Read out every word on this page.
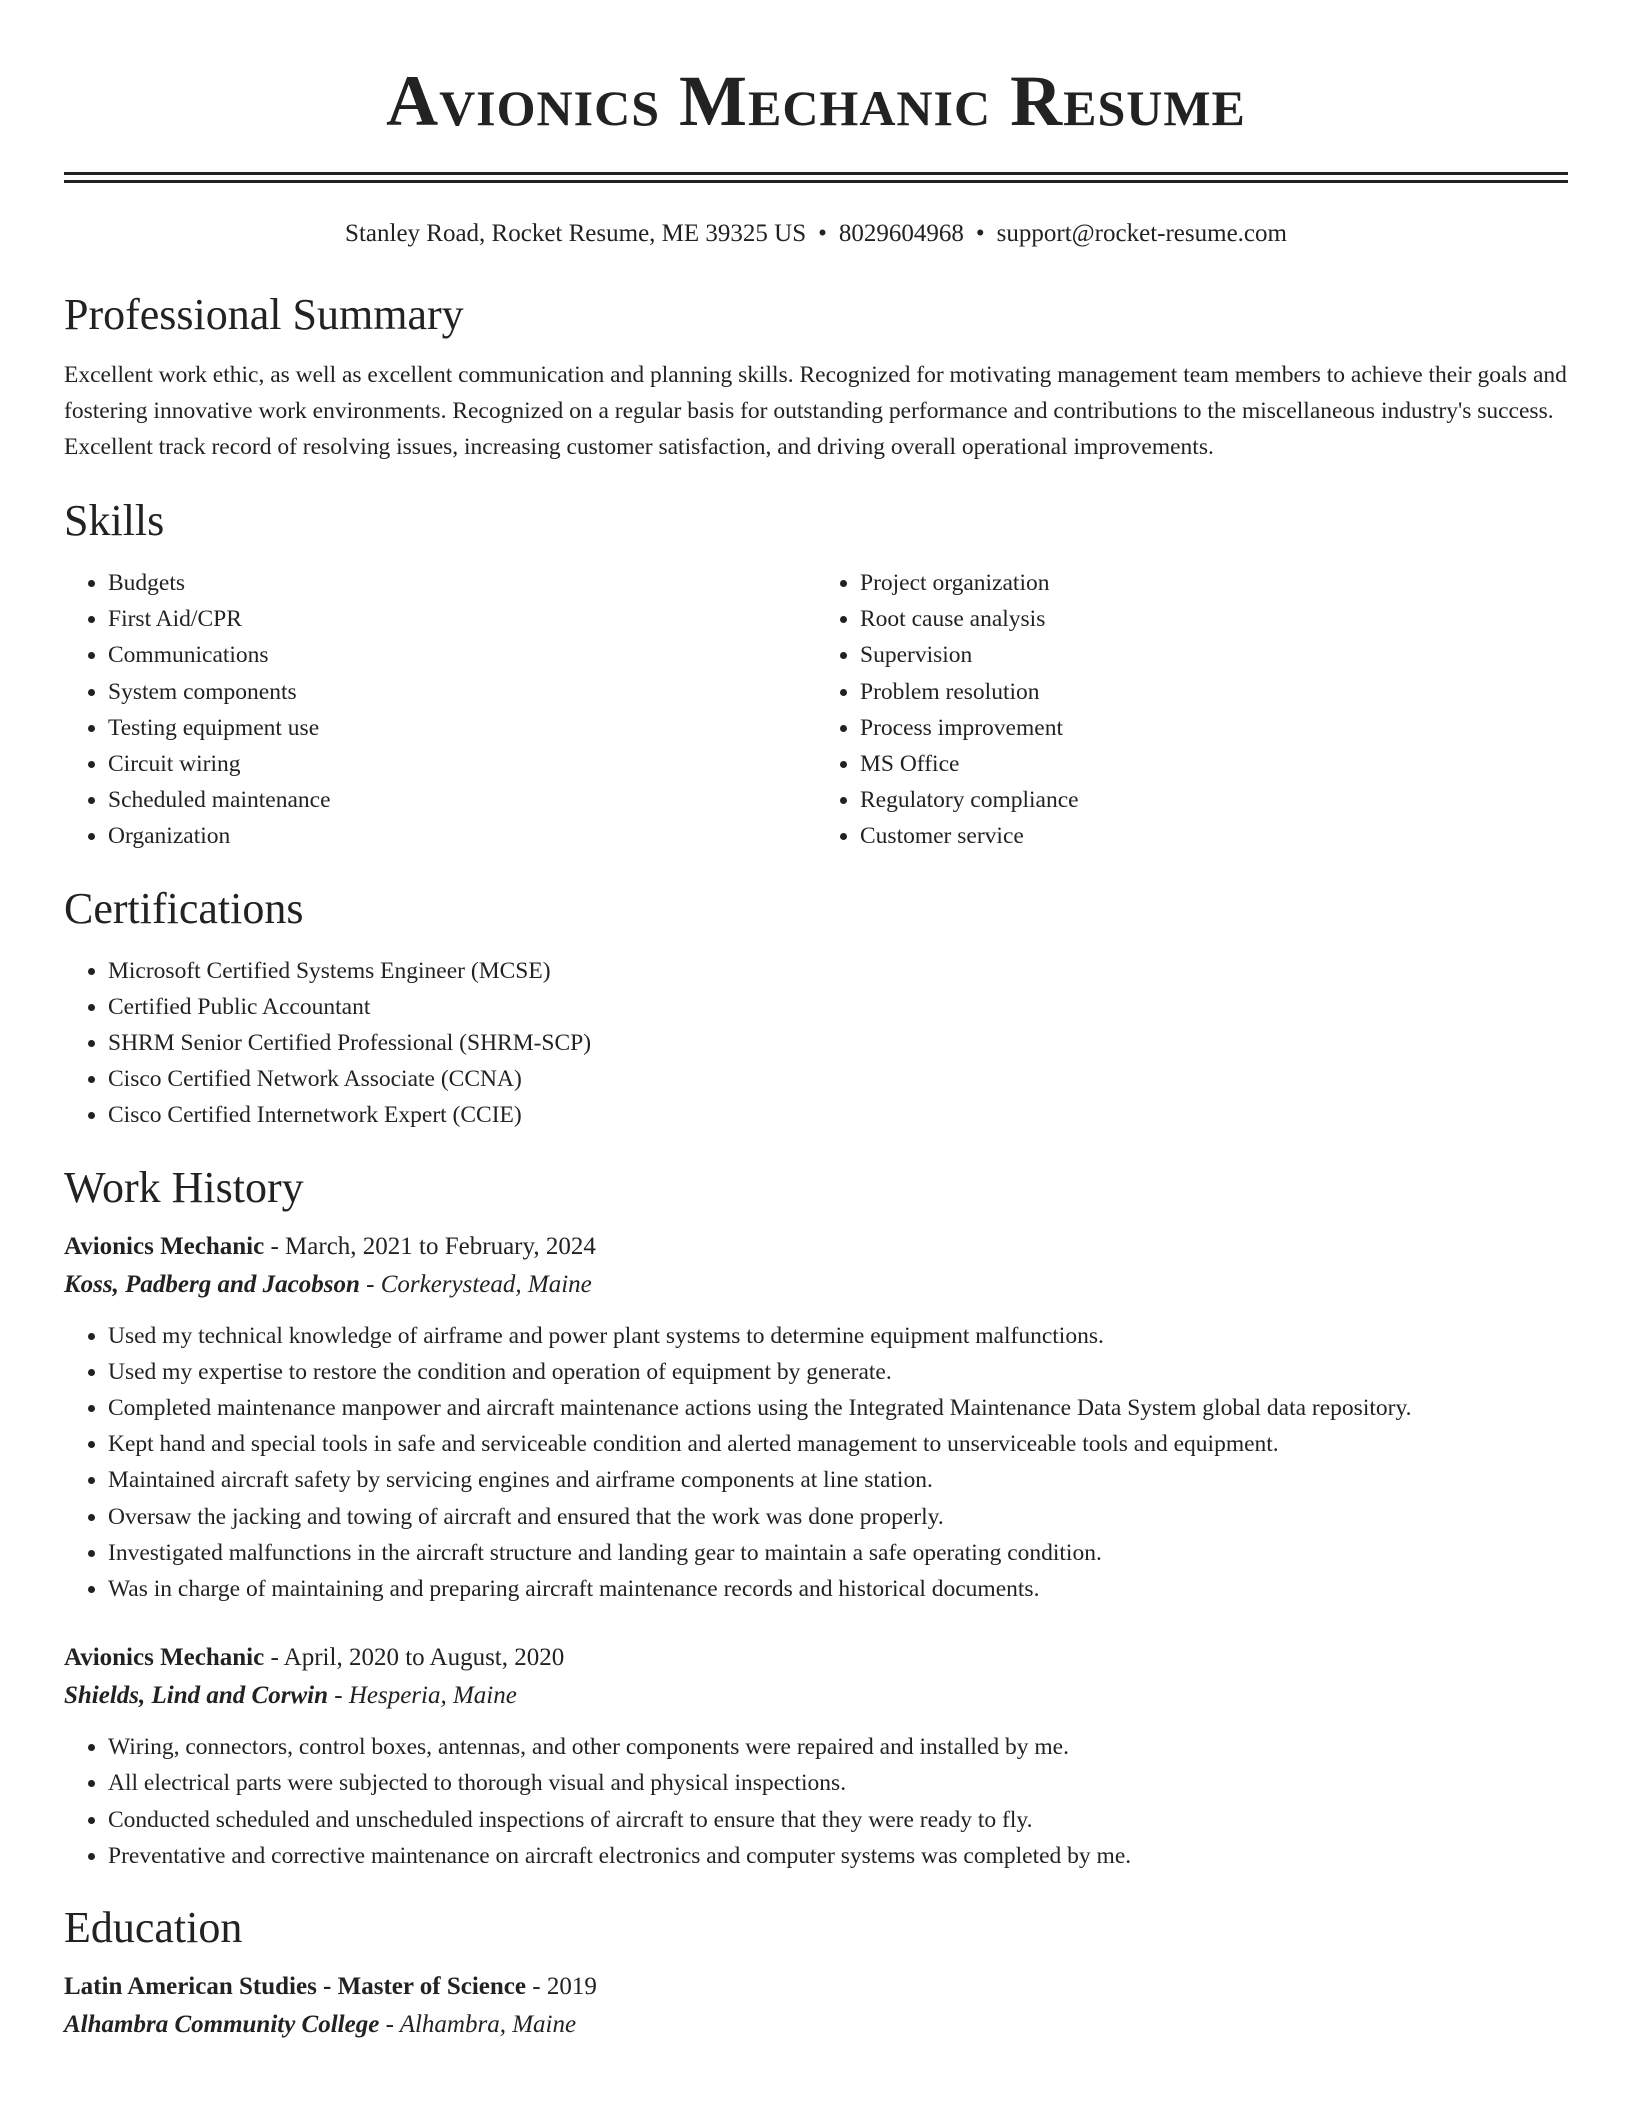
Avionics Mechanic Resume
Stanley Road, Rocket Resume, ME 39325 US • 8029604968 • support@rocket-resume.com
Professional Summary

Excellent work ethic, as well as excellent communication and planning skills. Recognized for motivating management team members to achieve their goals and fostering innovative work environments. Recognized on a regular basis for outstanding performance and contributions to the miscellaneous industry's success. Excellent track record of resolving issues, increasing customer satisfaction, and driving overall operational improvements.

Skills
• Budgets
• First Aid/CPR
• Communications
• System components
• Testing equipment use
• Circuit wiring
• Scheduled maintenance
• Organization
• Project organization
• Root cause analysis
• Supervision
• Problem resolution
• Process improvement
• MS Office
• Regulatory compliance
• Customer service
Certifications
• Microsoft Certified Systems Engineer (MCSE)
• Certified Public Accountant
• SHRM Senior Certified Professional (SHRM-SCP)
• Cisco Certified Network Associate (CCNA)
• Cisco Certified Internetwork Expert (CCIE)
Work History
Avionics Mechanic - March, 2021 to February, 2024
Koss, Padberg and Jacobson - Corkerystead, Maine
• Used my technical knowledge of airframe and power plant systems to determine equipment malfunctions.
• Used my expertise to restore the condition and operation of equipment by generate.
• Completed maintenance manpower and aircraft maintenance actions using the Integrated Maintenance Data System global data repository.
• Kept hand and special tools in safe and serviceable condition and alerted management to unserviceable tools and equipment.
• Maintained aircraft safety by servicing engines and airframe components at line station.
• Oversaw the jacking and towing of aircraft and ensured that the work was done properly.
• Investigated malfunctions in the aircraft structure and landing gear to maintain a safe operating condition.
• Was in charge of maintaining and preparing aircraft maintenance records and historical documents.
Avionics Mechanic - April, 2020 to August, 2020
Shields, Lind and Corwin - Hesperia, Maine
• Wiring, connectors, control boxes, antennas, and other components were repaired and installed by me.
• All electrical parts were subjected to thorough visual and physical inspections.
• Conducted scheduled and unscheduled inspections of aircraft to ensure that they were ready to fly.
• Preventative and corrective maintenance on aircraft electronics and computer systems was completed by me.
Education
Latin American Studies - Master of Science - 2019
Alhambra Community College - Alhambra, Maine
